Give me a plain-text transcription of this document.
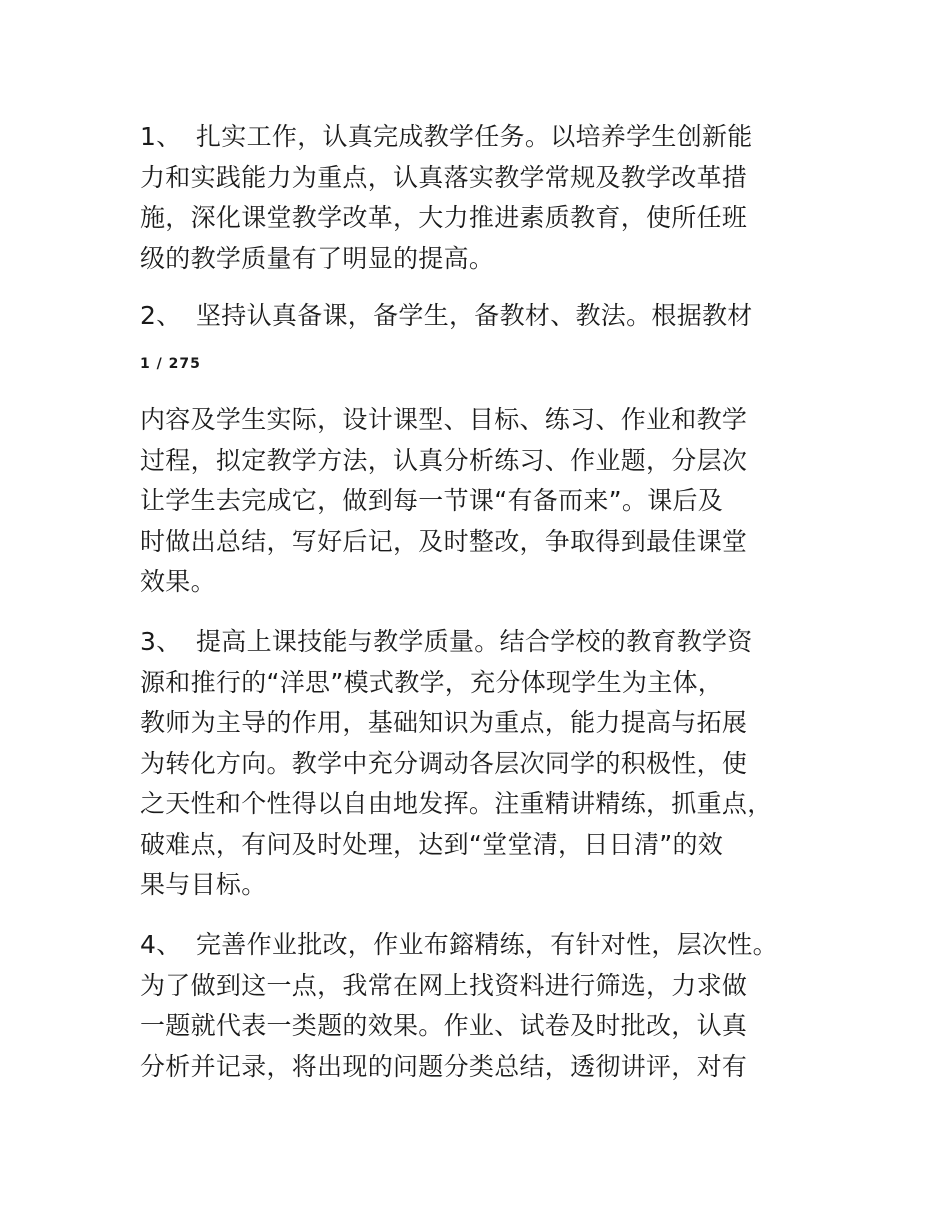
1、 扎实工作，认真完成教学任务。以培养学生创新能
力和实践能力为重点，认真落实教学常规及教学改革措
施，深化课堂教学改革，大力推进素质教育，使所任班
级的教学质量有了明显的提高。

2、 坚持认真备课，备学生，备教材、教法。根据教材

1 / 275

内容及学生实际，设计课型、目标、练习、作业和教学
过程，拟定教学方法，认真分析练习、作业题，分层次
让学生去完成它，做到每一节课“有备而来”。课后及
时做出总结，写好后记，及时整改，争取得到最佳课堂
效果。

3、 提高上课技能与教学质量。结合学校的教育教学资
源和推行的“洋思”模式教学，充分体现学生为主体，
教师为主导的作用，基础知识为重点，能力提高与拓展
为转化方向。教学中充分调动各层次同学的积极性，使
之天性和个性得以自由地发挥。注重精讲精练，抓重点，
破难点，有问及时处理，达到“堂堂清，日日清”的效
果与目标。

4、 完善作业批改，作业布鎔精练，有针对性，层次性。
为了做到这一点，我常在网上找资料进行筛选，力求做
一题就代表一类题的效果。作业、试卷及时批改，认真
分析并记录，将出现的问题分类总结，透彻讲评，对有
